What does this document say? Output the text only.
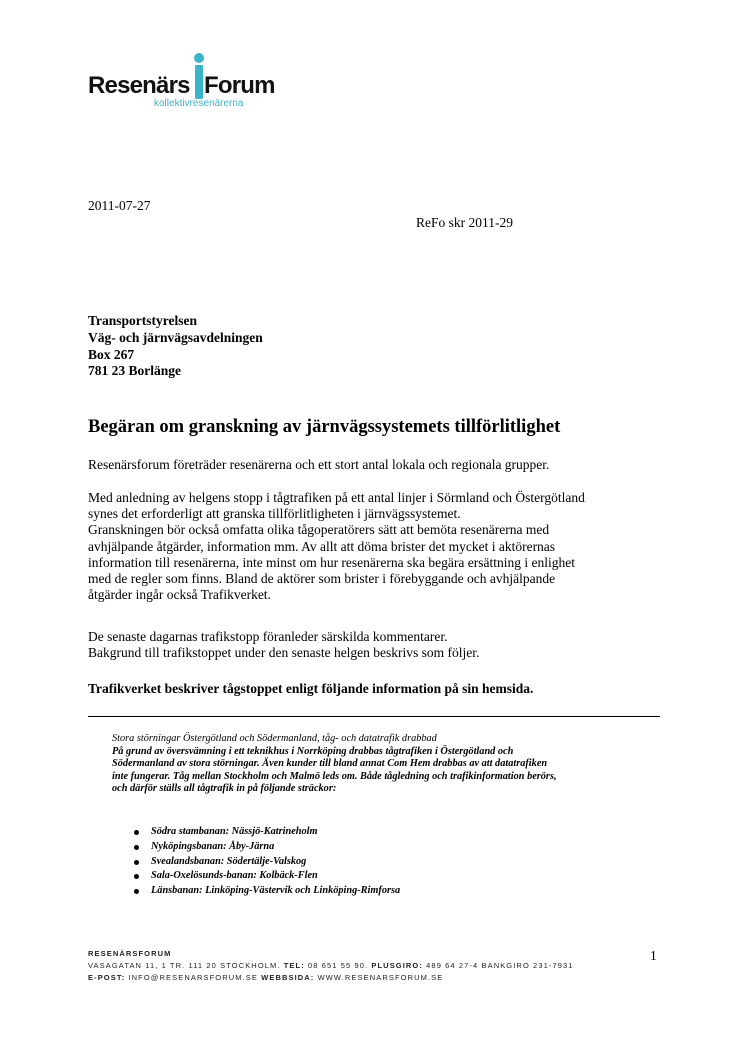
Resenärs Forum
kollektivresenärerna
2011-07-27
ReFo skr 2011-29
Transportstyrelsen
Väg- och järnvägsavdelningen
Box 267
781 23 Borlänge
Begäran om granskning av järnvägssystemets tillförlitlighet
Resenärsforum företräder resenärerna och ett stort antal lokala och regionala grupper.
Med anledning av helgens stopp i tågtrafiken på ett antal linjer i Sörmland och Östergötland
synes det erforderligt att granska tillförlitligheten i järnvägssystemet.
Granskningen bör också omfatta olika tågoperatörers sätt att bemöta resenärerna med
avhjälpande åtgärder, information mm. Av allt att döma brister det mycket i aktörernas
information till resenärerna, inte minst om hur resenärerna ska begära ersättning i enlighet
med de regler som finns. Bland de aktörer som brister i förebyggande och avhjälpande
åtgärder ingår också Trafikverket.
De senaste dagarnas trafikstopp föranleder särskilda kommentarer.
Bakgrund till trafikstoppet under den senaste helgen beskrivs som följer.
Trafikverket beskriver tågstoppet enligt följande information på sin hemsida.
Stora störningar Östergötland och Södermanland, tåg- och datatrafik drabbad
På grund av översvämning i ett teknikhus i Norrköping drabbas tågtrafiken i Östergötland och
Södermanland av stora störningar. Även kunder till bland annat Com Hem drabbas av att datatrafiken
inte fungerar. Tåg mellan Stockholm och Malmö leds om. Både tågledning och trafikinformation berörs,
och därför ställs all tågtrafik in på följande sträckor:
Södra stambanan: Nässjö-Katrineholm
Nyköpingsbanan: Åby-Järna
Svealandsbanan: Södertälje-Valskog
Sala-Oxelösunds-banan: Kolbäck-Flen
Länsbanan: Linköping-Västervik och Linköping-Rimforsa
RESENÄRSFORUM
VASAGATAN 11, 1 TR. 111 20 STOCKHOLM. TEL: 08 651 55 90. PLUSGIRO: 489 64 27-4 BANKGIRO 231-7931
E-POST: INFO@RESENARSFORUM.SE WEBBSIDA: WWW.RESENARSFORUM.SE
1
